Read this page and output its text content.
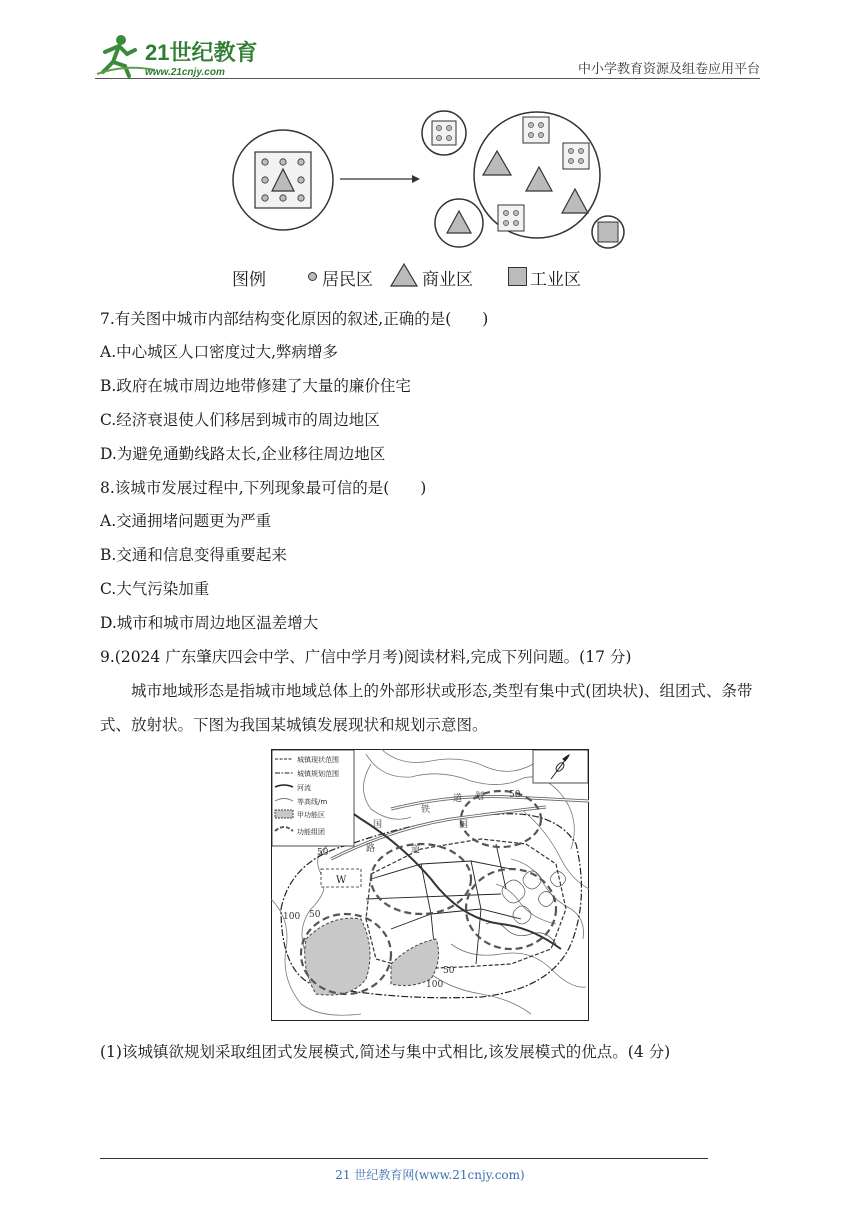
21世纪教育
www.21cnjy.com	中小学教育资源及组卷应用平台
图例	居民区	商业区	工业区
7.有关图中城市内部结构变化原因的叙述,正确的是(　　)
A.中心城区人口密度过大,弊病增多
B.政府在城市周边地带修建了大量的廉价住宅
C.经济衰退使人们移居到城市的周边地区
D.为避免通勤线路太长,企业移往周边地区
8.该城市发展过程中,下列现象最可信的是(　　)
A.交通拥堵问题更为严重
B.交通和信息变得重要起来
C.大气污染加重
D.城市和城市周边地区温差增大
9.(2024 广东肇庆四会中学、广信中学月考)阅读材料,完成下列问题。(17 分)
城市地域形态是指城市地域总体上的外部形状或形态,类型有集中式(团块状)、组团式、条带式、放射状。下图为我国某城镇发展现状和规划示意图。
W
城镇现状范围
城镇规划范围
河流
等高线/m
甲功能区
功能组团
50
50
50
50
100
100
国
道
路
道
铁
划
国
(1)该城镇欲规划采取组团式发展模式,简述与集中式相比,该发展模式的优点。(4 分)
21 世纪教育网(www.21cnjy.com)
